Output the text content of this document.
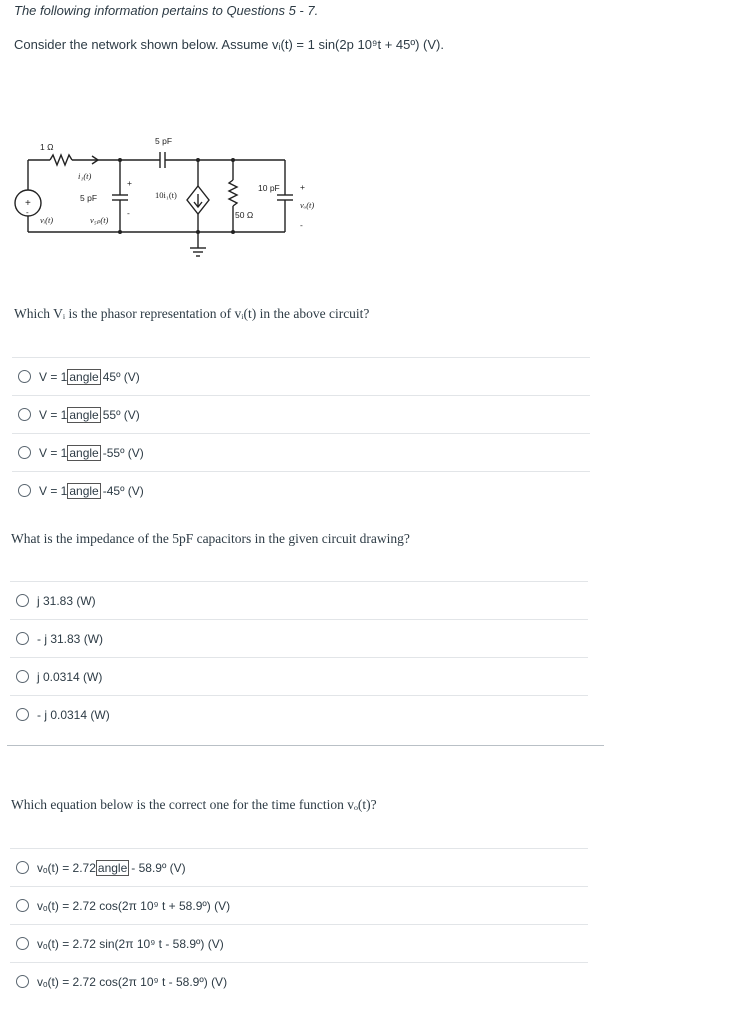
The following information pertains to Questions 5 - 7.
Consider the network shown below. Assume vᵢ(t) = 1 sin(2p 10⁹t + 45º) (V).
+
-
1 Ω
5 pF
i₁(t)
+
5 pF
-
10i₁(t)
vᵢ(t)	v₅ₚ(t)
10 pF
50 Ω
+
vₒ(t)
-
Which Vᵢ is the phasor representation of vᵢ(t) in the above circuit?
V = 1 angle 45º (V)
V = 1 angle 55º (V)
V = 1 angle -55º (V)
V = 1 angle -45º (V)
What is the impedance of the 5pF capacitors in the given circuit drawing?
j 31.83 (W)
- j 31.83 (W)
j 0.0314 (W)
- j 0.0314 (W)
Which equation below is the correct one for the time function vₒ(t)?
vₒ(t) = 2.72 angle - 58.9º (V)
vₒ(t) = 2.72 cos(2π 10⁹ t + 58.9º) (V)
vₒ(t) = 2.72 sin(2π 10⁹ t - 58.9º) (V)
vₒ(t) = 2.72 cos(2π 10⁹ t - 58.9º) (V)
